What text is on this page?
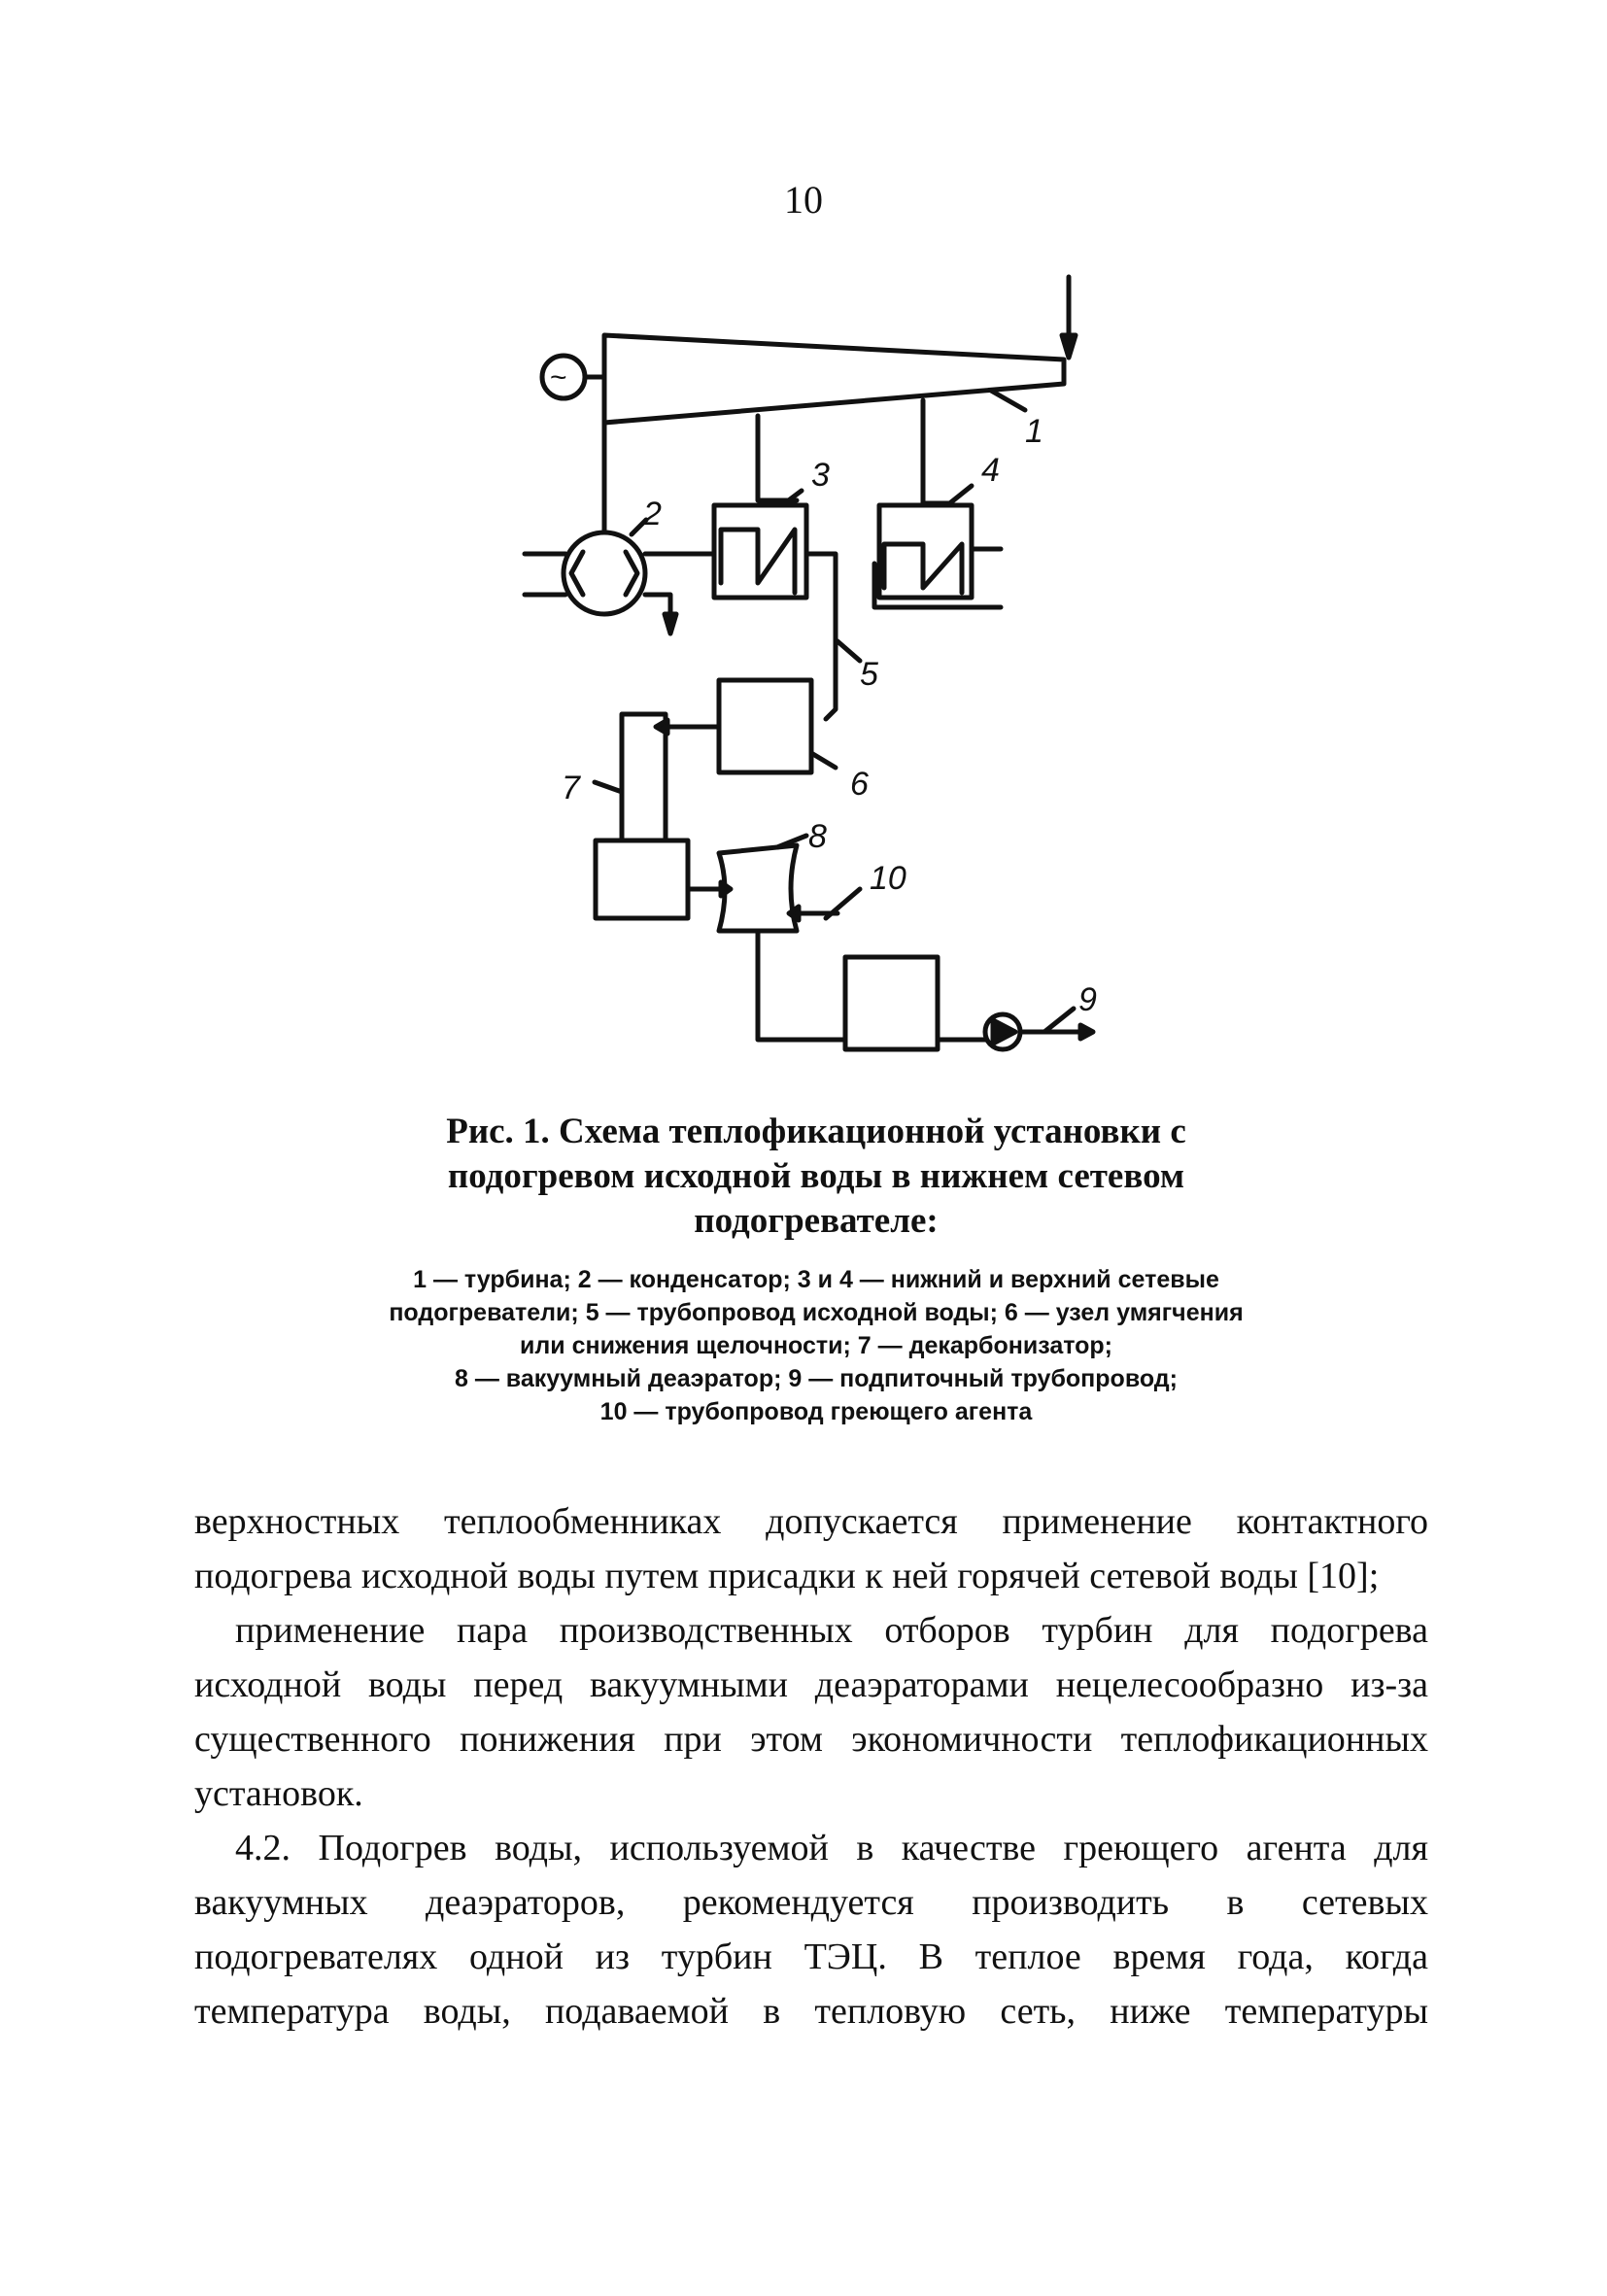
10
1
2
3	4
5
6
7
8
10
9
~
Рис. 1. Схема теплофикационной установки с подогревом исходной воды в нижнем сетевом подогревателе:
1 — турбина; 2 — конденсатор; 3 и 4 — нижний и верхний сетевые
подогреватели; 5 — трубопровод исходной воды; 6 — узел умягчения
или снижения щелочности; 7 — декарбонизатор;
8 — вакуумный деаэратор; 9 — подпиточный трубопровод;
10 — трубопровод греющего агента

верхностных теплообменниках допускается применение контактного подогрева исходной воды путем присадки к ней горячей сетевой воды [10];

применение пара производственных отборов турбин для подогрева исходной воды перед вакуумными деаэраторами нецелесообразно из-за существенного понижения при этом экономичности теплофикационных установок.

4.2. Подогрев воды, используемой в качестве греющего агента для вакуумных деаэраторов, рекомендуется производить в сетевых подогревателях одной из турбин ТЭЦ. В теплое время года, когда температура воды, подаваемой в тепловую сеть, ниже температуры
